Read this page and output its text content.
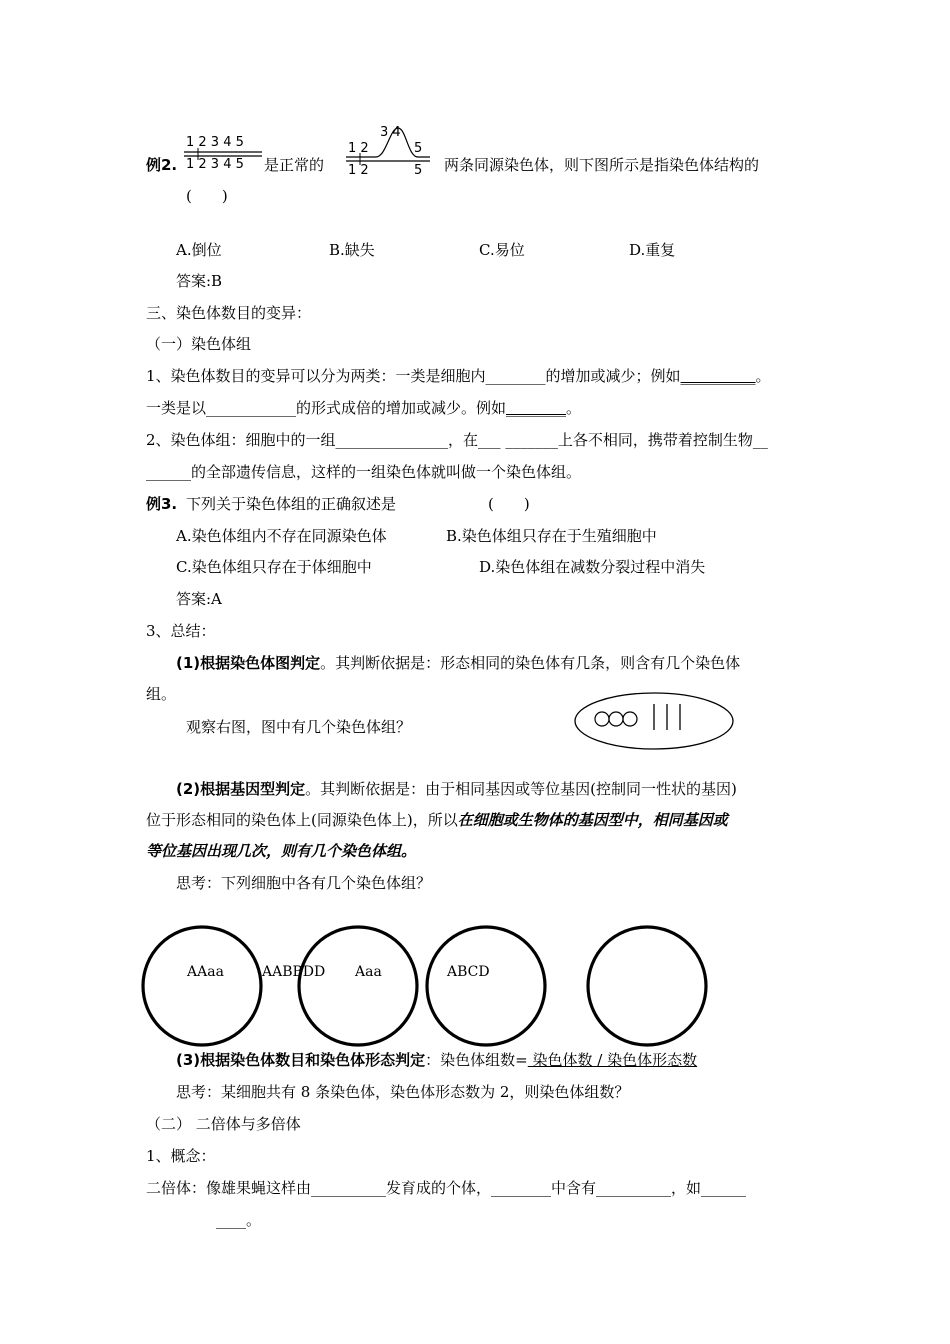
例2.
1 2 3 4 5
1 2 3 4 5 是正常的
1 2
3 4
5
1 2	5 两条同源染色体，则下图所示是指染色体结构的
(　　)
A.倒位	B.缺失	C.易位	D.重复
答案:B
三、染色体数目的变异：
（一）染色体组
1、染色体数目的变异可以分为两类：一类是细胞内________的增加或减少；例如__________。
一类是以____________的形式成倍的增加或减少。例如________。
2、染色体组：细胞中的一组_______________，在___ _______上各不相同，携带着控制生物__
______的全部遗传信息，这样的一组染色体就叫做一个染色体组。
例3. 下列关于染色体组的正确叙述是	(　　)
A.染色体组内不存在同源染色体	B.染色体组只存在于生殖细胞中
C.染色体组只存在于体细胞中	D.染色体组在减数分裂过程中消失
答案:A
3、总结：
(1)根据染色体图判定。其判断依据是：形态相同的染色体有几条，则含有几个染色体
组。
观察右图，图中有几个染色体组？
(2)根据基因型判定。其判断依据是：由于相同基因或等位基因(控制同一性状的基因)
位于形态相同的染色体上(同源染色体上)，所以在细胞或生物体的基因型中，相同基因或
等位基因出现几次，则有几个染色体组。
思考：下列细胞中各有几个染色体组？
AAaa	AABBDD Aaa	ABCD
(3)根据染色体数目和染色体形态判定：染色体组数= 染色体数 / 染色体形态数
思考：某细胞共有 8 条染色体，染色体形态数为 2，则染色体组数？
（二） 二倍体与多倍体
1、概念：
二倍体：像雄果蝇这样由__________发育成的个体，________中含有__________，如______
____。
